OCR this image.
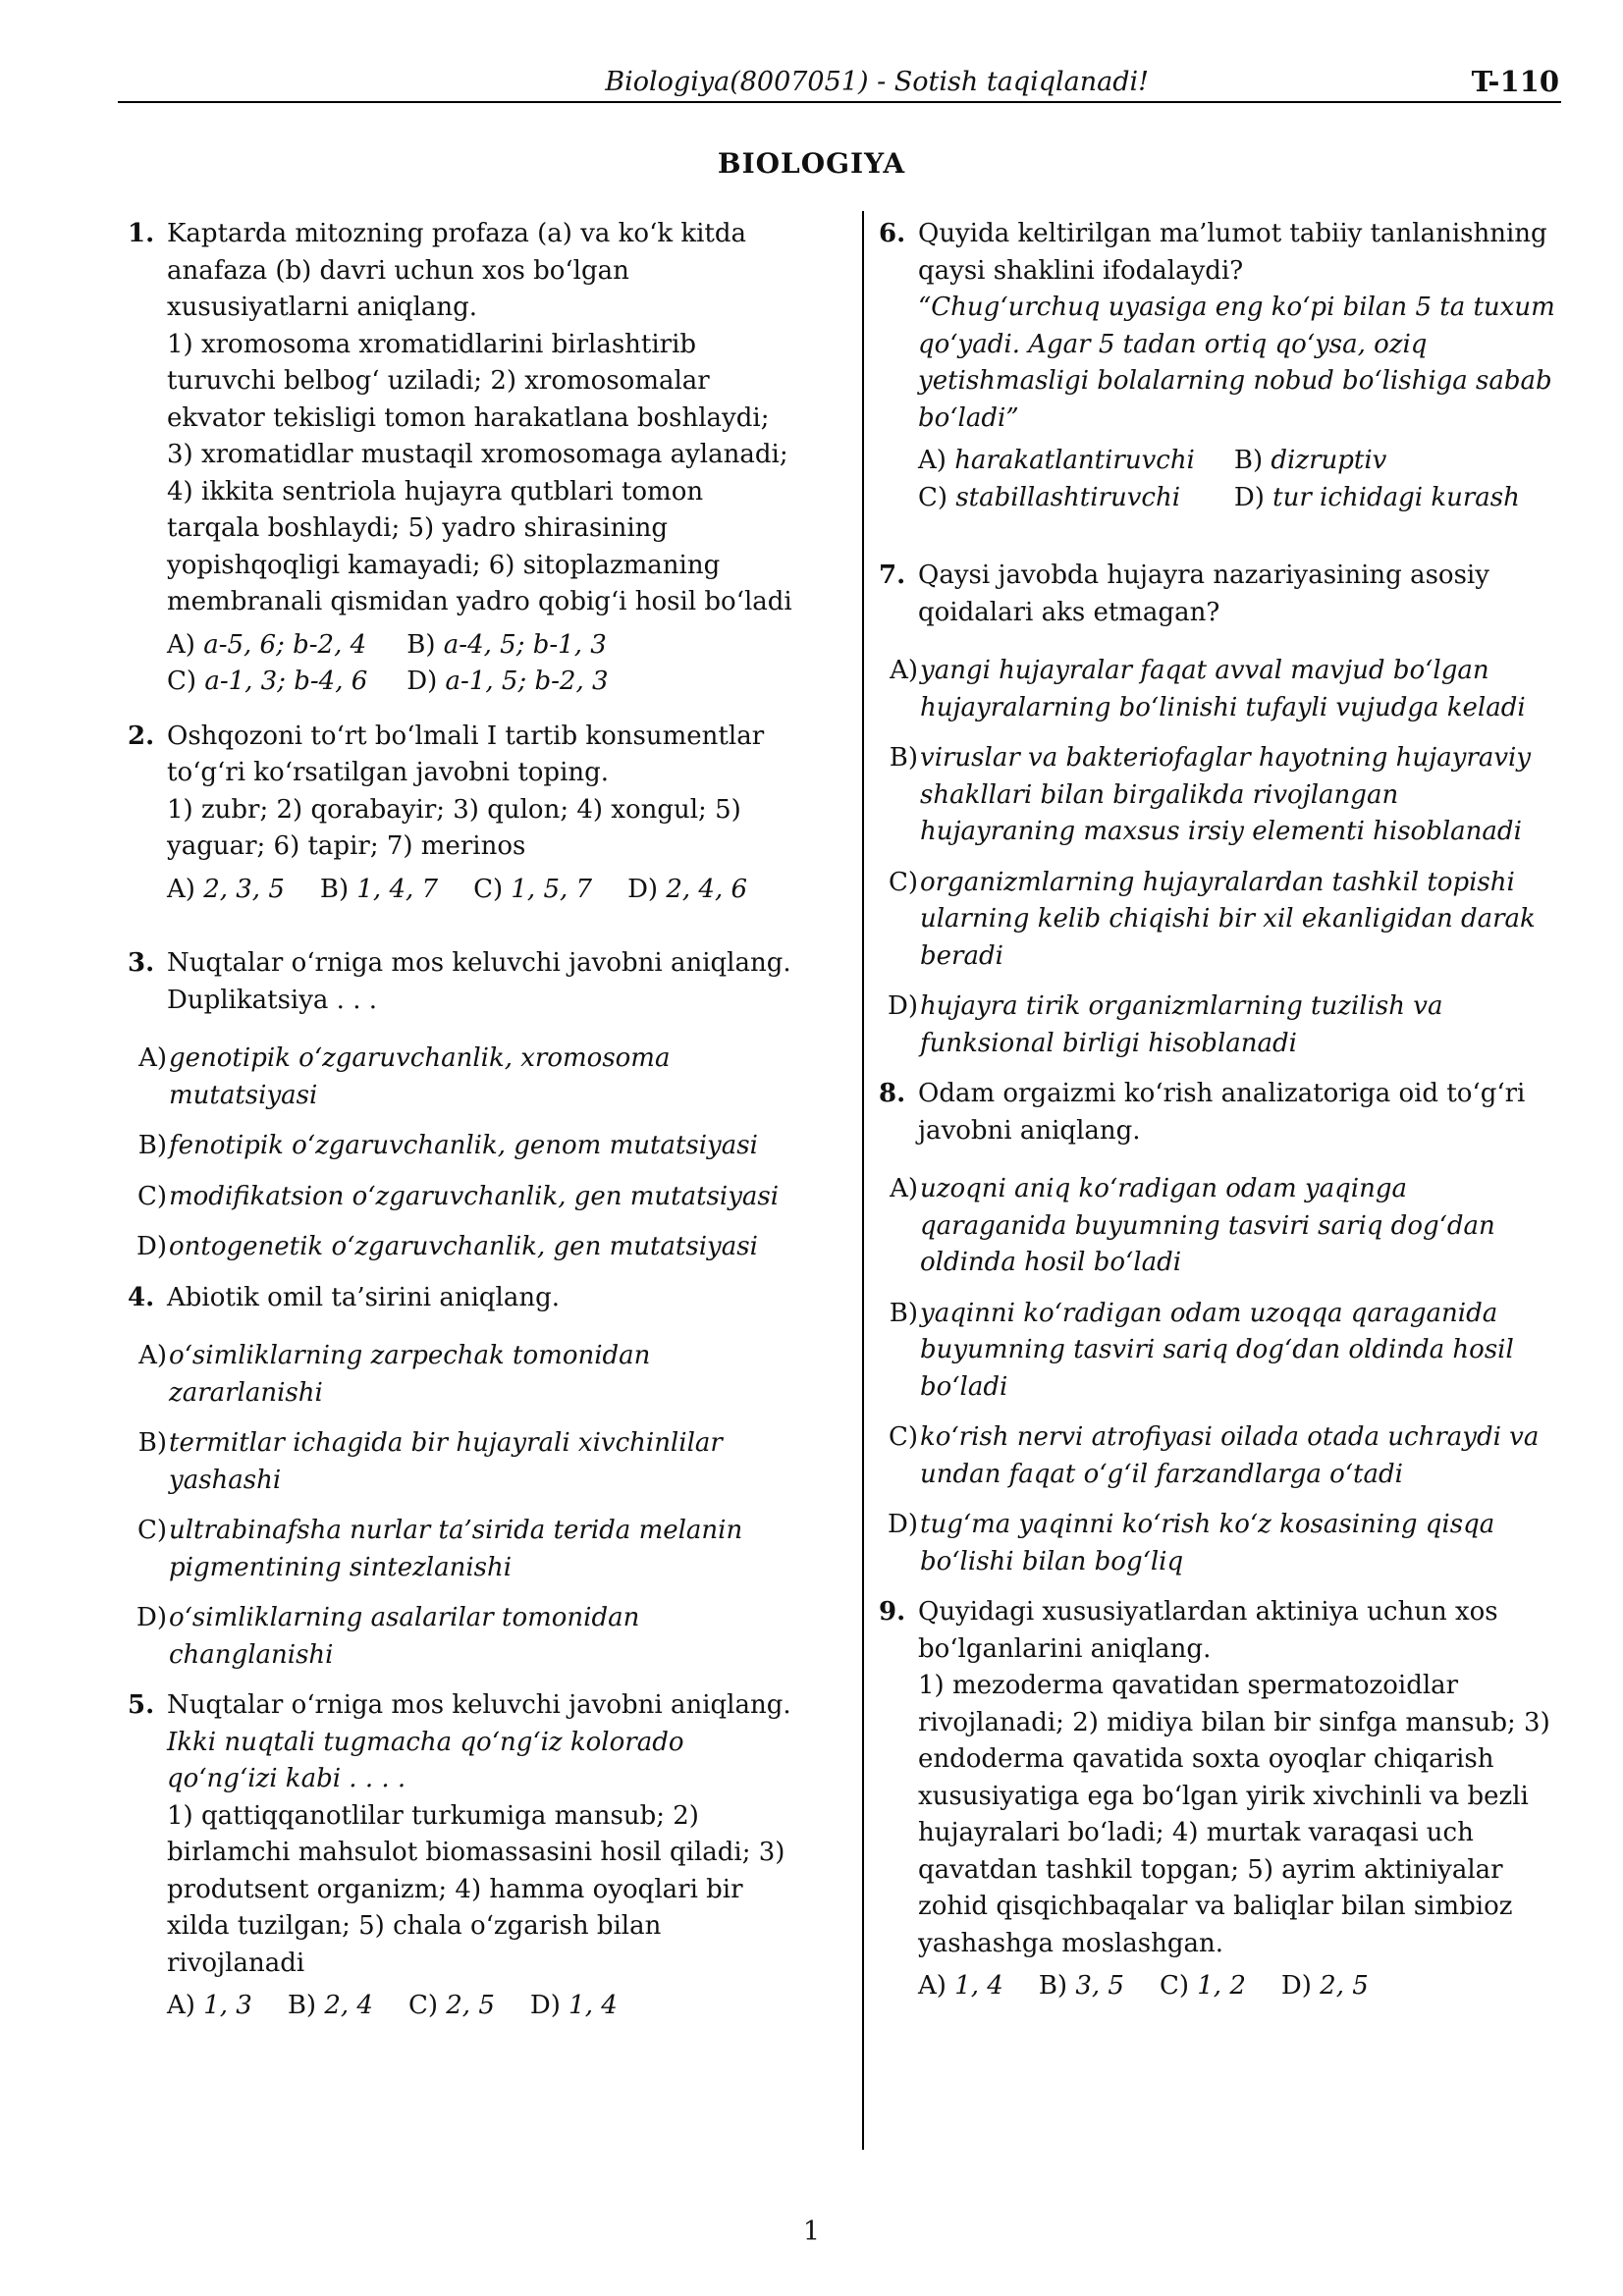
Biologiya(8007051) - Sotish taqiqlanadi!	T-110
BIOLOGIYA
1. Kaptarda mitozning profaza (a) va ko‘k kitda anafaza (b) davri uchun xos bo‘lgan xususiyatlarni aniqlang.
1) xromosoma xromatidlarini birlashtirib turuvchi belbog‘ uziladi; 2) xromosomalar ekvator tekisligi tomon harakatlana boshlaydi; 3) xromatidlar mustaqil xromosomaga aylanadi; 4) ikkita sentriola hujayra qutblari tomon tarqala boshlaydi; 5) yadro shirasining yopishqoqligi kamayadi; 6) sitoplazmaning membranali qismidan yadro qobig‘i hosil bo‘ladi
A) a-5, 6; b-2, 4 B) a-4, 5; b-1, 3
C) a-1, 3; b-4, 6 D) a-1, 5; b-2, 3
2. Oshqozoni to‘rt bo‘lmali I tartib konsumentlar to‘g‘ri ko‘rsatilgan javobni toping.
1) zubr; 2) qorabayir; 3) qulon; 4) xongul; 5) yaguar; 6) tapir; 7) merinos
A) 2, 3, 5 B) 1, 4, 7 C) 1, 5, 7 D) 2, 4, 6
3. Nuqtalar o‘rniga mos keluvchi javobni aniqlang.
Duplikatsiya . . .
A) genotipik o‘zgaruvchanlik, xromosoma mutatsiyasi
B) fenotipik o‘zgaruvchanlik, genom mutatsiyasi
C) modifikatsion o‘zgaruvchanlik, gen mutatsiyasi
D) ontogenetik o‘zgaruvchanlik, gen mutatsiyasi
4. Abiotik omil ta’sirini aniqlang.
A) o‘simliklarning zarpechak tomonidan zararlanishi
B) termitlar ichagida bir hujayrali xivchinlilar yashashi
C) ultrabinafsha nurlar ta’sirida terida melanin pigmentining sintezlanishi
D) o‘simliklarning asalarilar tomonidan changlanishi
5. Nuqtalar o‘rniga mos keluvchi javobni aniqlang.
Ikki nuqtali tugmacha qo‘ng‘iz kolorado qo‘ng‘izi kabi . . . .
1) qattiqqanotlilar turkumiga mansub; 2) birlamchi mahsulot biomassasini hosil qiladi; 3) produtsent organizm; 4) hamma oyoqlari bir xilda tuzilgan; 5) chala o‘zgarish bilan rivojlanadi
A) 1, 3 B) 2, 4 C) 2, 5 D) 1, 4
6. Quyida keltirilgan ma’lumot tabiiy tanlanishning qaysi shaklini ifodalaydi?
“Chug‘urchuq uyasiga eng ko‘pi bilan 5 ta tuxum qo‘yadi. Agar 5 tadan ortiq qo‘ysa, oziq yetishmasligi bolalarning nobud bo‘lishiga sabab bo‘ladi”
A) harakatlantiruvchi B) dizruptiv
C) stabillashtiruvchi	D) tur ichidagi kurash
7. Qaysi javobda hujayra nazariyasining asosiy qoidalari aks etmagan?
A) yangi hujayralar faqat avval mavjud bo‘lgan hujayralarning bo‘linishi tufayli vujudga keladi
B) viruslar va bakteriofaglar hayotning hujayraviy shakllari bilan birgalikda rivojlangan hujayraning maxsus irsiy elementi hisoblanadi
C) organizmlarning hujayralardan tashkil topishi ularning kelib chiqishi bir xil ekanligidan darak beradi
D) hujayra tirik organizmlarning tuzilish va funksional birligi hisoblanadi
8. Odam orgaizmi ko‘rish analizatoriga oid to‘g‘ri javobni aniqlang.
A) uzoqni aniq ko‘radigan odam yaqinga qaraganida buyumning tasviri sariq dog‘dan oldinda hosil bo‘ladi
B) yaqinni ko‘radigan odam uzoqqa qaraganida buyumning tasviri sariq dog‘dan oldinda hosil bo‘ladi
C) ko‘rish nervi atrofiyasi oilada otada uchraydi va undan faqat o‘g‘il farzandlarga o‘tadi
D) tug‘ma yaqinni ko‘rish ko‘z kosasining qisqa bo‘lishi bilan bog‘liq
9. Quyidagi xususiyatlardan aktiniya uchun xos bo‘lganlarini aniqlang.
1) mezoderma qavatidan spermatozoidlar rivojlanadi; 2) midiya bilan bir sinfga mansub; 3) endoderma qavatida soxta oyoqlar chiqarish xususiyatiga ega bo‘lgan yirik xivchinli va bezli hujayralari bo‘ladi; 4) murtak varaqasi uch qavatdan tashkil topgan; 5) ayrim aktiniyalar zohid qisqichbaqalar va baliqlar bilan simbioz yashashga moslashgan.
A) 1, 4 B) 3, 5 C) 1, 2 D) 2, 5
1
